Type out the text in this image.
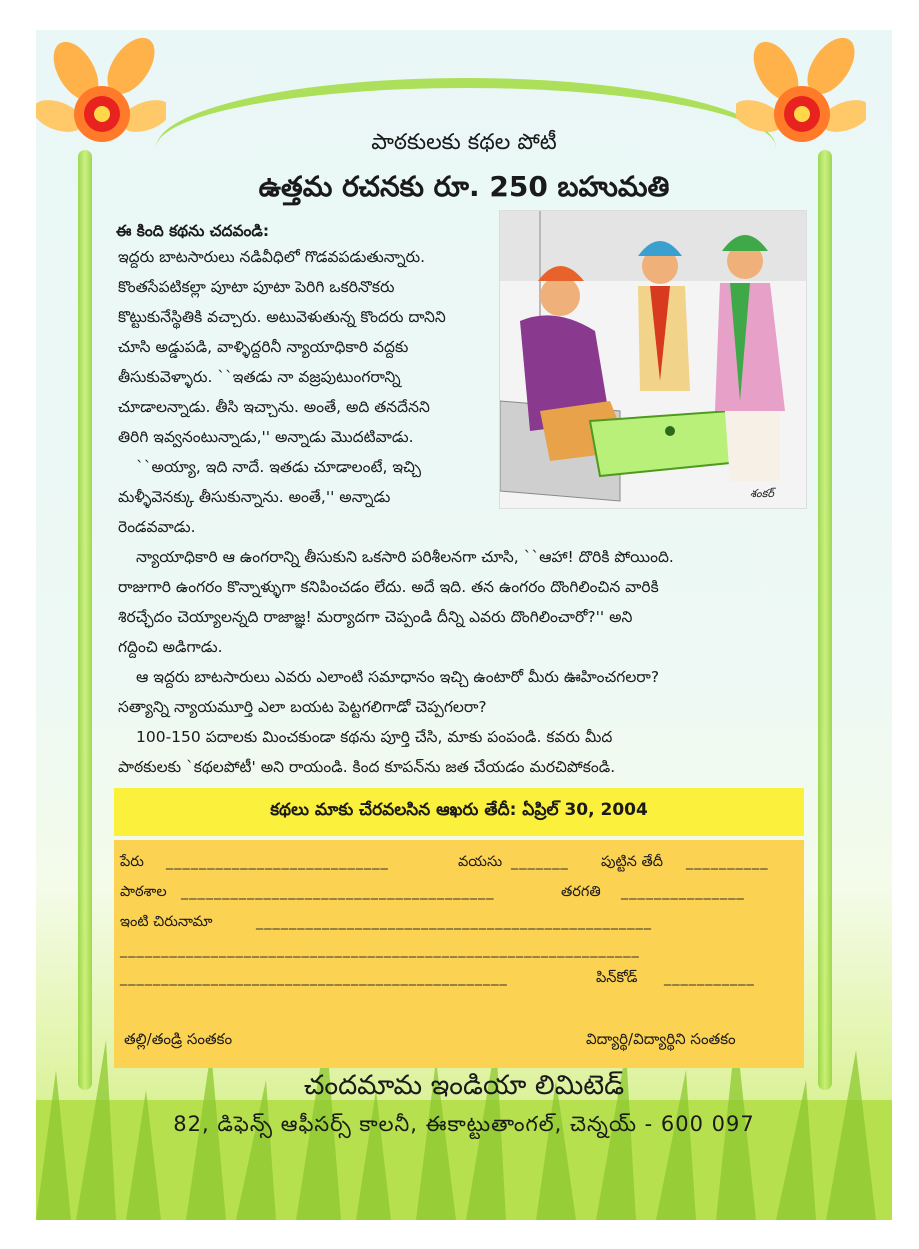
పాఠకులకు కథల పోటీ
ఉత్తమ రచనకు రూ. 250 బహుమతి
ఈ కింది కథను చదవండి:
ఇద్దరు బాటసారులు నడివీధిలో గొడవపడుతున్నారు.
కొంతసేపటికల్లా పూటా పూటా పెరిగి ఒకరినొకరు
కొట్టుకునేస్థితికి వచ్చారు. అటువెళుతున్న కొందరు దానిని
చూసి అడ్డుపడి, వాళ్ళిద్దరినీ న్యాయాధికారి వద్దకు
తీసుకువెళ్ళారు. ``ఇతడు నా వజ్రపుటుంగరాన్ని
చూడాలన్నాడు. తీసి ఇచ్చాను. అంతే, అది తనదేనని
తిరిగి ఇవ్వనంటున్నాడు,'' అన్నాడు మొదటివాడు.
``అయ్యా, ఇది నాదే. ఇతడు చూడాలంటే, ఇచ్చి
మళ్ళీవెనక్కు తీసుకున్నాను. అంతే,'' అన్నాడు
రెండవవాడు.
శంకర్
న్యాయాధికారి ఆ ఉంగరాన్ని తీసుకుని ఒకసారి పరిశీలనగా చూసి, ``ఆహా! దొరికి పోయింది.
రాజుగారి ఉంగరం కొన్నాళ్ళుగా కనిపించడం లేదు. అదే ఇది. తన ఉంగరం దొంగిలించిన వారికి
శిరచ్ఛేదం చెయ్యాలన్నది రాజాజ్ఞ! మర్యాదగా చెప్పండి దీన్ని ఎవరు దొంగిలించారో?'' అని
గద్దించి అడిగాడు.
ఆ ఇద్దరు బాటసారులు ఎవరు ఎలాంటి సమాధానం ఇచ్చి ఉంటారో మీరు ఊహించగలరా?
సత్యాన్ని న్యాయమూర్తి ఎలా బయట పెట్టగలిగాడో చెప్పగలరా?
100-150 పదాలకు మించకుండా కథను పూర్తి చేసి, మాకు పంపండి. కవరు మీద
పాఠకులకు `కథలపోటీ' అని రాయండి. కింద కూపన్‌ను జత చేయడం మరచిపోకండి.
కథలు మాకు చేరవలసిన ఆఖరు తేదీ: ఏప్రిల్ 30, 2004
పేరు ___________________________	వయసు _______ పుట్టిన తేదీ __________
పాఠశాల ______________________________________	తరగతి _______________
ఇంటి చిరునామా	________________________________________________
_______________________________________________________________
_______________________________________________	పిన్‌కోడ్ ___________
తల్లి/తండ్రి సంతకం	విద్యార్థి/విద్యార్థిని సంతకం
చందమామ ఇండియా లిమిటెడ్
82, డిఫెన్స్ ఆఫీసర్స్ కాలనీ, ఈకాట్టుతాంగల్, చెన్నయ్ - 600 097
